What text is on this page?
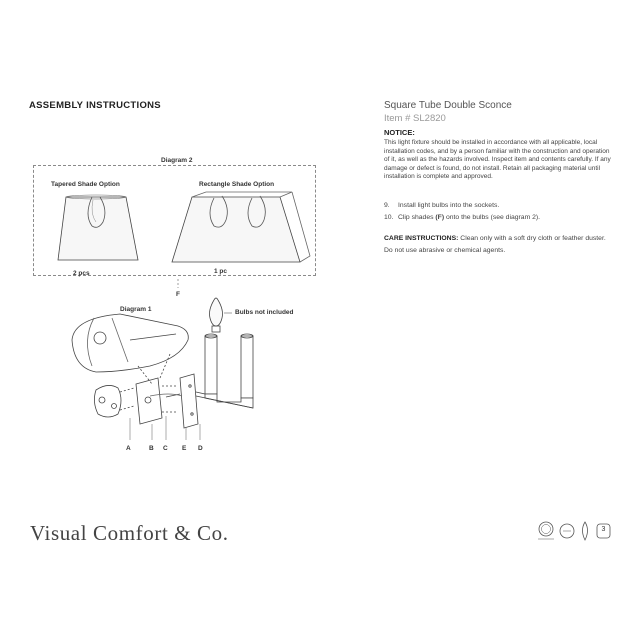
ASSEMBLY INSTRUCTIONS	Square Tube Double Sconce
Item # SL2820
NOTICE:
This light fixture should be installed in accordance with all applicable, local installation codes, and by a person familiar with the construction and operation of it, as well as the hazards involved. Inspect item and contents carefully. If any damage or defect is found, do not install. Retain all packaging material until installation is complete and approved.
9. Install light bulbs into the sockets.
10. Clip shades (F) onto the bulbs (see diagram 2).
CARE INSTRUCTIONS: Clean only with a soft dry cloth or feather duster. Do not use abrasive or chemical agents.
Diagram 2
Tapered Shade Option	Rectangle Shade Option
2 pcs	1 pc
F
Diagram 1	Bulbs not included
A	B C E D
3
Visual Comfort & Co.
